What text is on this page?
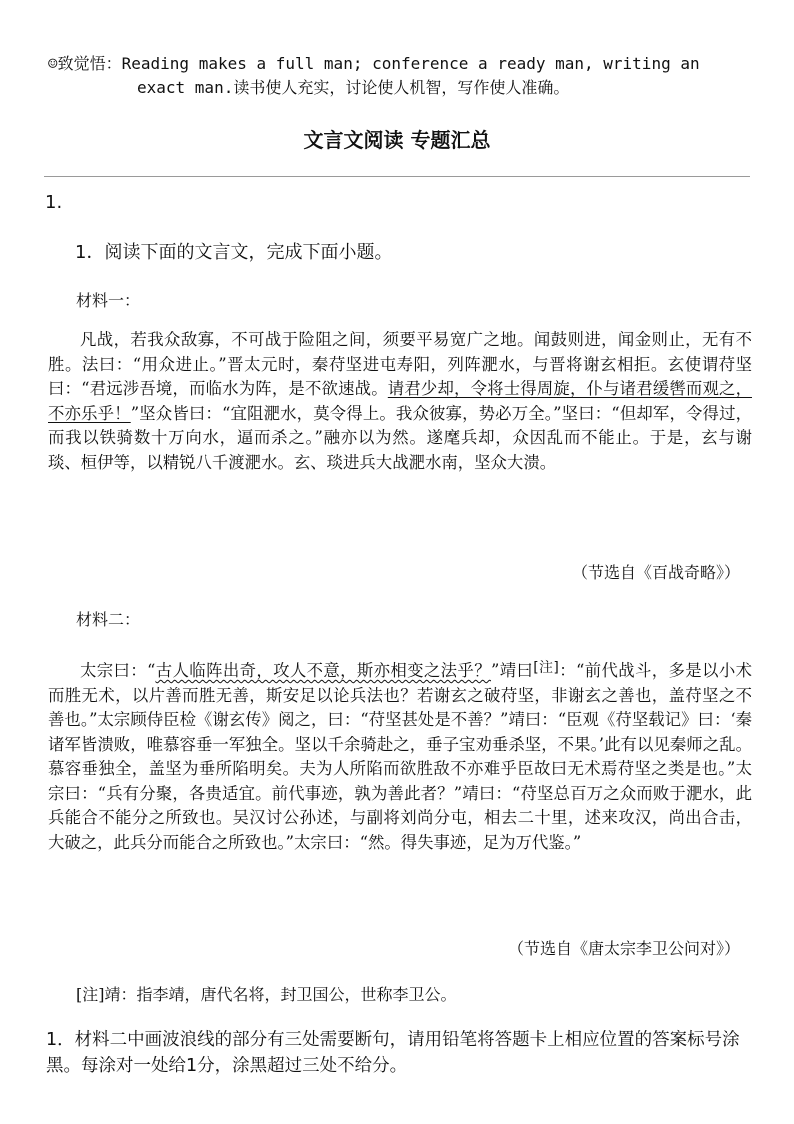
☺致觉悟：Reading makes a full man; conference a ready man, writing an
exact man.读书使人充实，讨论使人机智，写作使人准确。
文言文阅读 专题汇总
1.
1．阅读下面的文言文，完成下面小题。
材料一：

凡战，若我众敌寡，不可战于险阻之间，须要平易宽广之地。闻鼓则进，闻金则止，无有不胜。法曰：“用众进止。”晋太元时，秦苻坚进屯寿阳，列阵淝水，与晋将谢玄相拒。玄使谓苻坚曰：“君远涉吾境，而临水为阵，是不欲速战。请君少却，令将士得周旋，仆与诸君缓辔而观之，不亦乐乎！”坚众皆曰：“宜阻淝水，莫令得上。我众彼寡，势必万全。”坚曰：“但却军，令得过，而我以铁骑数十万向水，逼而杀之。”融亦以为然。遂麾兵却，众因乱而不能止。于是，玄与谢琰、桓伊等，以精锐八千渡淝水。玄、琰进兵大战淝水南，坚众大溃。

（节选自《百战奇略》）
材料二：

太宗曰：“古人临阵出奇，攻人不意，斯亦相变之法乎？”靖曰[注]：“前代战斗，多是以小术而胜无术，以片善而胜无善，斯安足以论兵法也？若谢玄之破苻坚，非谢玄之善也，盖苻坚之不善也。”太宗顾侍臣检《谢玄传》阅之，曰：“苻坚甚处是不善？”靖曰：“臣观《苻坚载记》曰：‘秦诸军皆溃败，唯慕容垂一军独全。坚以千余骑赴之，垂子宝劝垂杀坚，不果。’此有以见秦师之乱。慕容垂独全，盖坚为垂所陷明矣。夫为人所陷而欲胜敌不亦难乎臣故曰无术焉苻坚之类是也。”太宗曰：“兵有分聚，各贵适宜。前代事迹，孰为善此者？”靖曰：“苻坚总百万之众而败于淝水，此兵能合不能分之所致也。吴汉讨公孙述，与副将刘尚分屯，相去二十里，述来攻汉，尚出合击，大破之，此兵分而能合之所致也。”太宗曰：“然。得失事迹，足为万代鉴。”

（节选自《唐太宗李卫公问对》）
[注]靖：指李靖，唐代名将，封卫国公，世称李卫公。

1．材料二中画波浪线的部分有三处需要断句，请用铅笔将答题卡上相应位置的答案标号涂黑。每涂对一处给1分，涂黑超过三处不给分。
